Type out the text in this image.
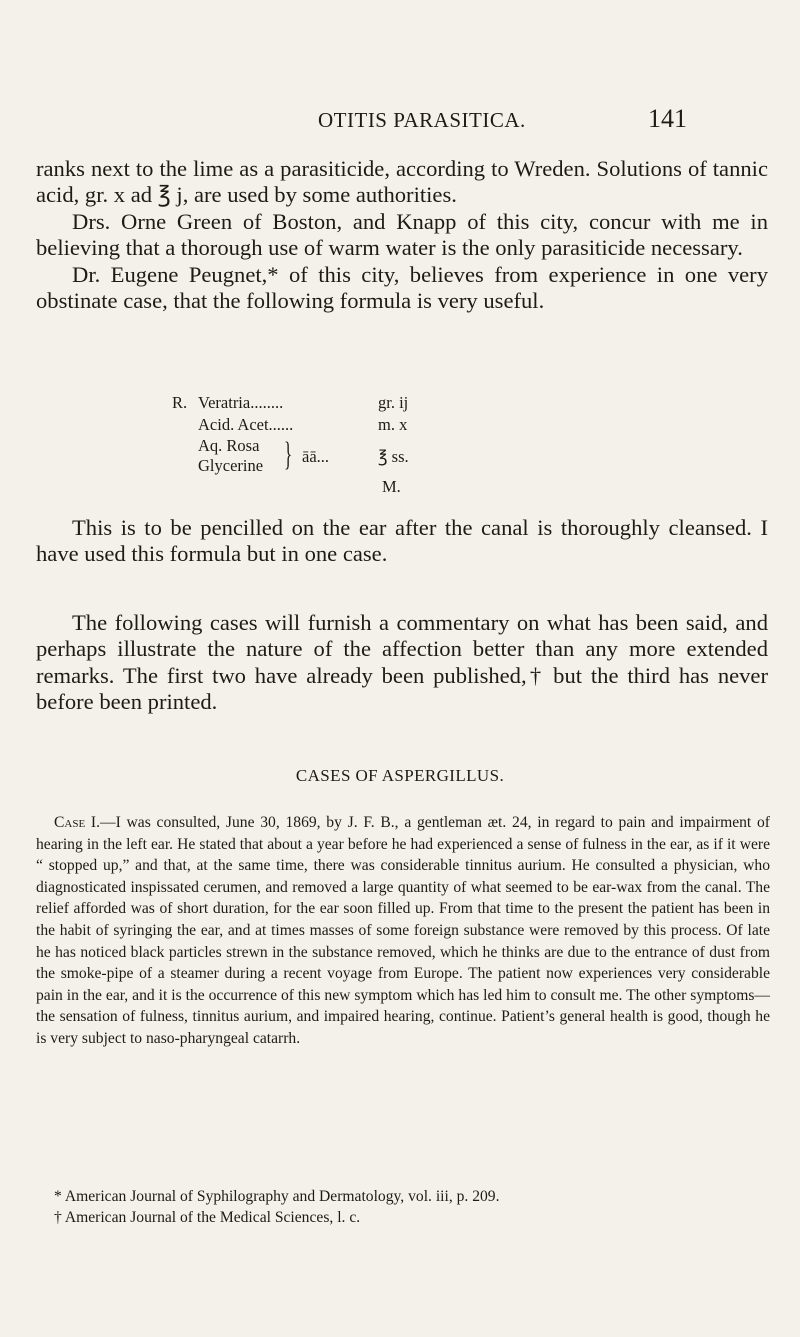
OTITIS PARASITICA.	141

ranks next to the lime as a parasiticide, according to Wreden. Solutions of tannic acid, gr. x ad ℥ j, are used by some authorities.

Drs. Orne Green of Boston, and Knapp of this city, concur with me in believing that a thorough use of warm water is the only parasiticide necessary.

Dr. Eugene Peugnet,* of this city, believes from experience in one very obstinate case, that the following formula is very useful.

R. Veratria........	gr. ij
Acid. Acet......	m. x
Aq. Rosa
Glycerine } āā...	℥ ss.
M.

This is to be pencilled on the ear after the canal is thoroughly cleansed. I have used this formula but in one case.

The following cases will furnish a commentary on what has been said, and perhaps illustrate the nature of the affection better than any more extended remarks. The first two have already been published,† but the third has never before been printed.

CASES OF ASPERGILLUS.

Case I.—I was consulted, June 30, 1869, by J. F. B., a gentleman æt. 24, in regard to pain and impairment of hearing in the left ear. He stated that about a year before he had experienced a sense of fulness in the ear, as if it were “ stopped up,” and that, at the same time, there was considerable tinnitus aurium. He consulted a physician, who diagnosticated inspissated cerumen, and removed a large quantity of what seemed to be ear-wax from the canal. The relief afforded was of short duration, for the ear soon filled up. From that time to the present the patient has been in the habit of syringing the ear, and at times masses of some foreign substance were removed by this process. Of late he has noticed black particles strewn in the substance removed, which he thinks are due to the entrance of dust from the smoke-pipe of a steamer during a recent voyage from Europe. The patient now experiences very considerable pain in the ear, and it is the occurrence of this new symptom which has led him to consult me. The other symptoms—the sensation of fulness, tinnitus aurium, and impaired hearing, continue. Patient’s general health is good, though he is very subject to naso-pharyngeal catarrh.

* American Journal of Syphilography and Dermatology, vol. iii, p. 209.

† American Journal of the Medical Sciences, l. c.
